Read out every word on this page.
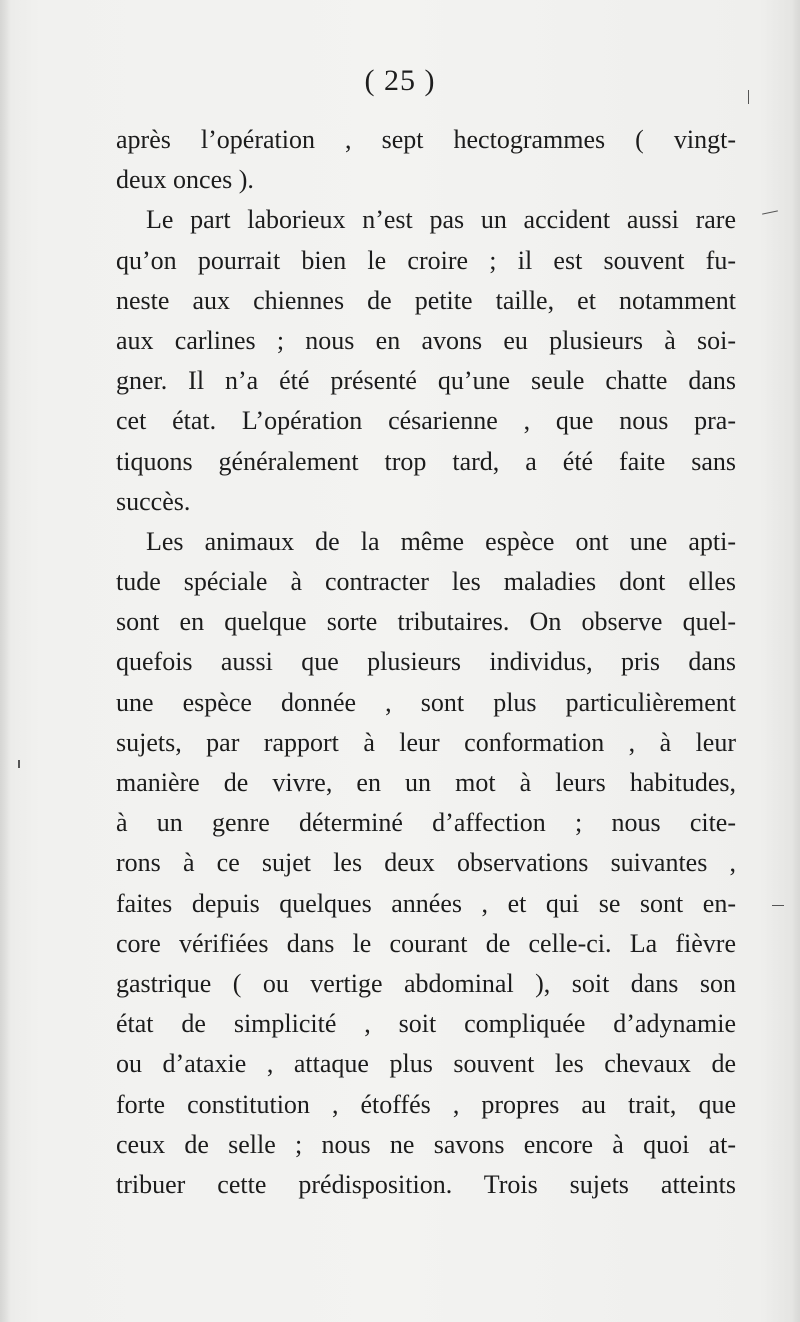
( 25 )
après l’opération , sept hectogrammes ( vingt-
deux onces ).
Le part laborieux n’est pas un accident aussi rare
qu’on pourrait bien le croire ; il est souvent fu-
neste aux chiennes de petite taille, et notamment
aux carlines ; nous en avons eu plusieurs à soi-
gner. Il n’a été présenté qu’une seule chatte dans
cet état. L’opération césarienne , que nous pra-
tiquons généralement trop tard, a été faite sans
succès.
Les animaux de la même espèce ont une apti-
tude spéciale à contracter les maladies dont elles
sont en quelque sorte tributaires. On observe quel-
quefois aussi que plusieurs individus, pris dans
une espèce donnée , sont plus particulièrement
sujets, par rapport à leur conformation , à leur
manière de vivre, en un mot à leurs habitudes,
à un genre déterminé d’affection ; nous cite-
rons à ce sujet les deux observations suivantes ,
faites depuis quelques années , et qui se sont en-
core vérifiées dans le courant de celle-ci. La fièvre
gastrique ( ou vertige abdominal ), soit dans son
état de simplicité , soit compliquée d’adynamie
ou d’ataxie , attaque plus souvent les chevaux de
forte constitution , étoffés , propres au trait, que
ceux de selle ; nous ne savons encore à quoi at-
tribuer cette prédisposition. Trois sujets atteints
